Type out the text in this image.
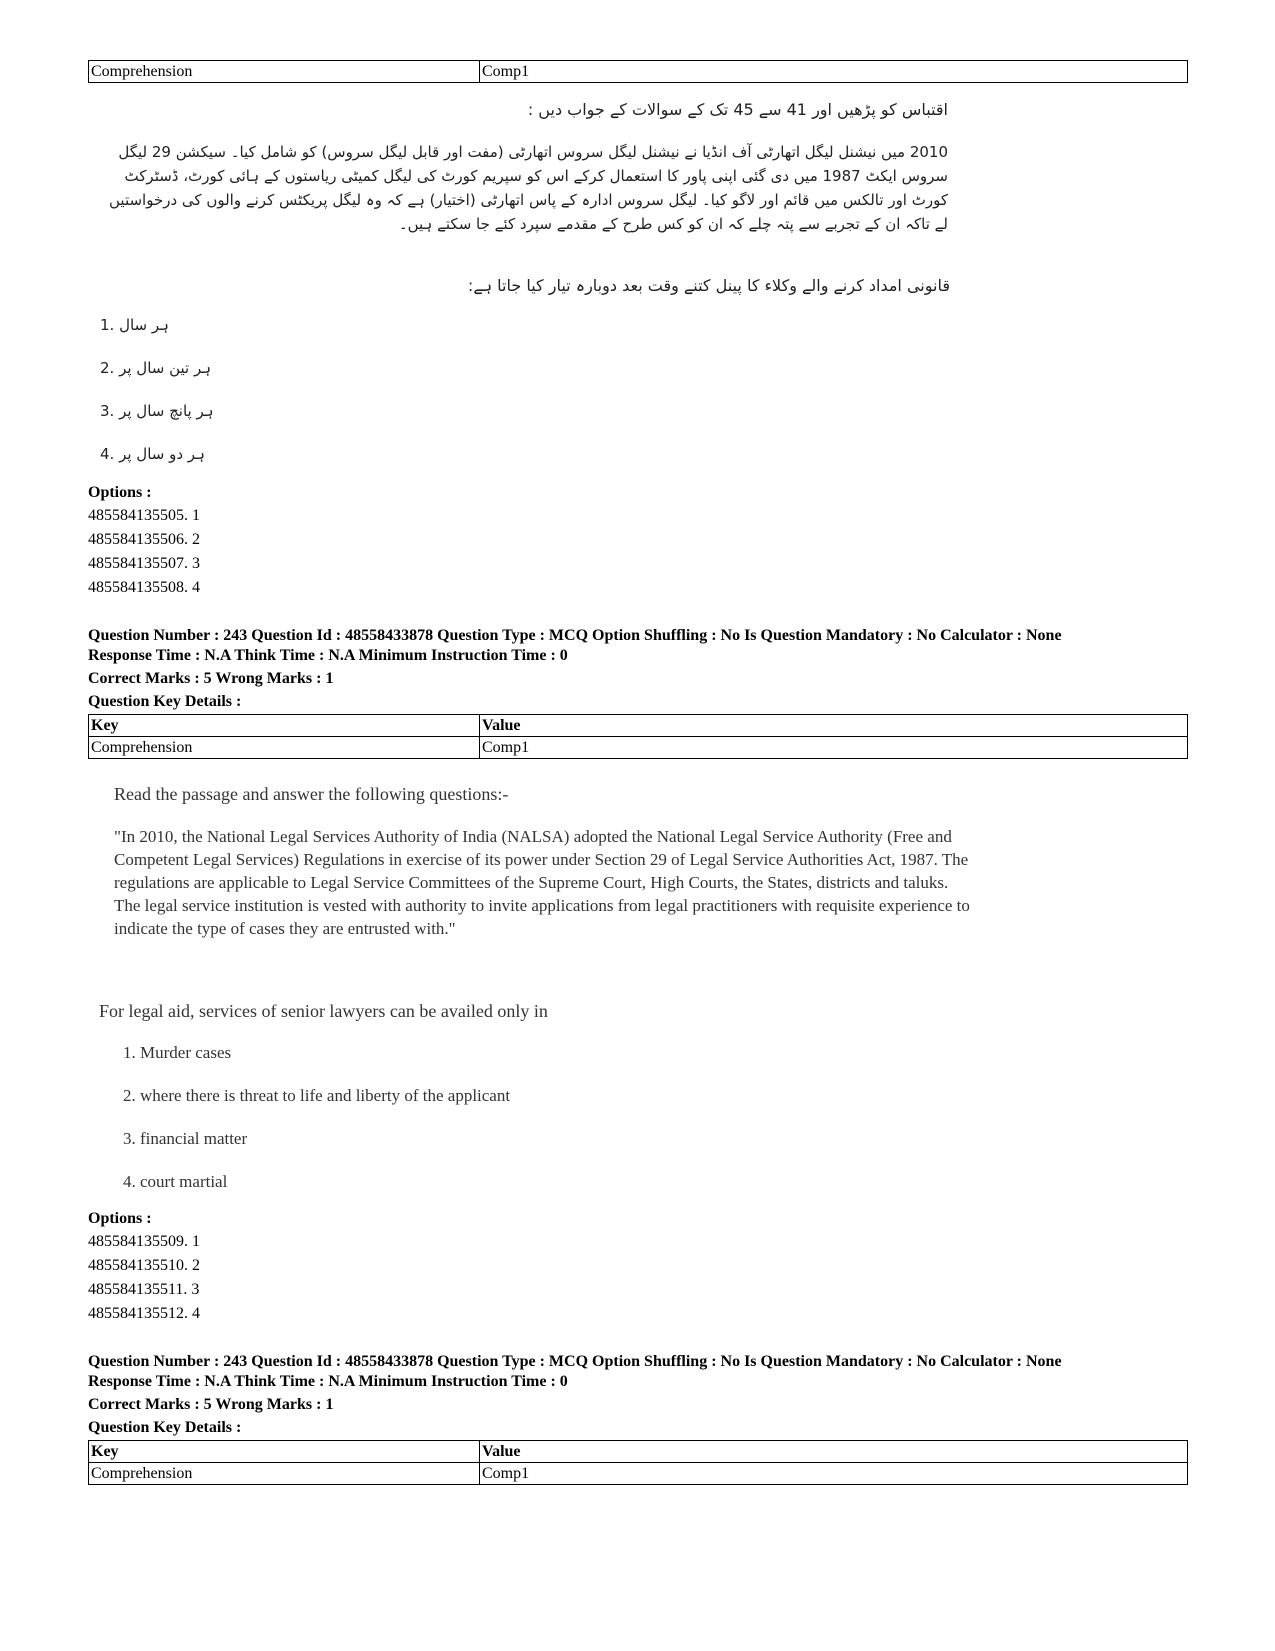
Comprehension	Comp1
اقتباس کو پڑھیں اور 41 سے 45 تک کے سوالات کے جواب دیں :
2010 میں نیشنل لیگل اتھارٹی آف انڈیا نے نیشنل لیگل سروس اتھارٹی (مفت اور قابل لیگل سروس) کو شامل کیا۔ سیکشن 29 لیگل سروس ایکٹ 1987 میں دی گئی اپنی پاور کا استعمال کرکے اس کو سپریم کورٹ کی لیگل کمیٹی ریاستوں کے ہائی کورٹ، ڈسٹرکٹ کورٹ اور تالکس میں قائم اور لاگو کیا۔ لیگل سروس ادارہ کے پاس اتھارٹی (اختیار) ہے کہ وہ لیگل پریکٹس کرنے والوں کی درخواستیں لے تاکہ ان کے تجربے سے پتہ چلے کہ ان کو کس طرح کے مقدمے سپرد کئے جا سکتے ہیں۔
قانونی امداد کرنے والے وکلاء کا پینل کتنے وقت بعد دوبارہ تیار کیا جاتا ہے:
ہر سال .1
ہر تین سال پر .2
ہر پانچ سال پر .3
ہر دو سال پر .4
Options :
485584135505. 1
485584135506. 2
485584135507. 3
485584135508. 4
Question Number : 243 Question Id : 48558433878 Question Type : MCQ Option Shuffling : No Is Question Mandatory : No Calculator : None
Response Time : N.A Think Time : N.A Minimum Instruction Time : 0
Correct Marks : 5 Wrong Marks : 1
Question Key Details :
Key	Value
Comprehension	Comp1
Read the passage and answer the following questions:-
"In 2010, the National Legal Services Authority of India (NALSA) adopted the National Legal Service Authority (Free and Competent Legal Services) Regulations in exercise of its power under Section 29 of Legal Service Authorities Act, 1987. The regulations are applicable to Legal Service Committees of the Supreme Court, High Courts, the States, districts and taluks. The legal service institution is vested with authority to invite applications from legal practitioners with requisite experience to indicate the type of cases they are entrusted with."
For legal aid, services of senior lawyers can be availed only in
1. Murder cases
2. where there is threat to life and liberty of the applicant
3. financial matter
4. court martial
Options :
485584135509. 1
485584135510. 2
485584135511. 3
485584135512. 4
Question Number : 243 Question Id : 48558433878 Question Type : MCQ Option Shuffling : No Is Question Mandatory : No Calculator : None
Response Time : N.A Think Time : N.A Minimum Instruction Time : 0
Correct Marks : 5 Wrong Marks : 1
Question Key Details :
Key	Value
Comprehension	Comp1
